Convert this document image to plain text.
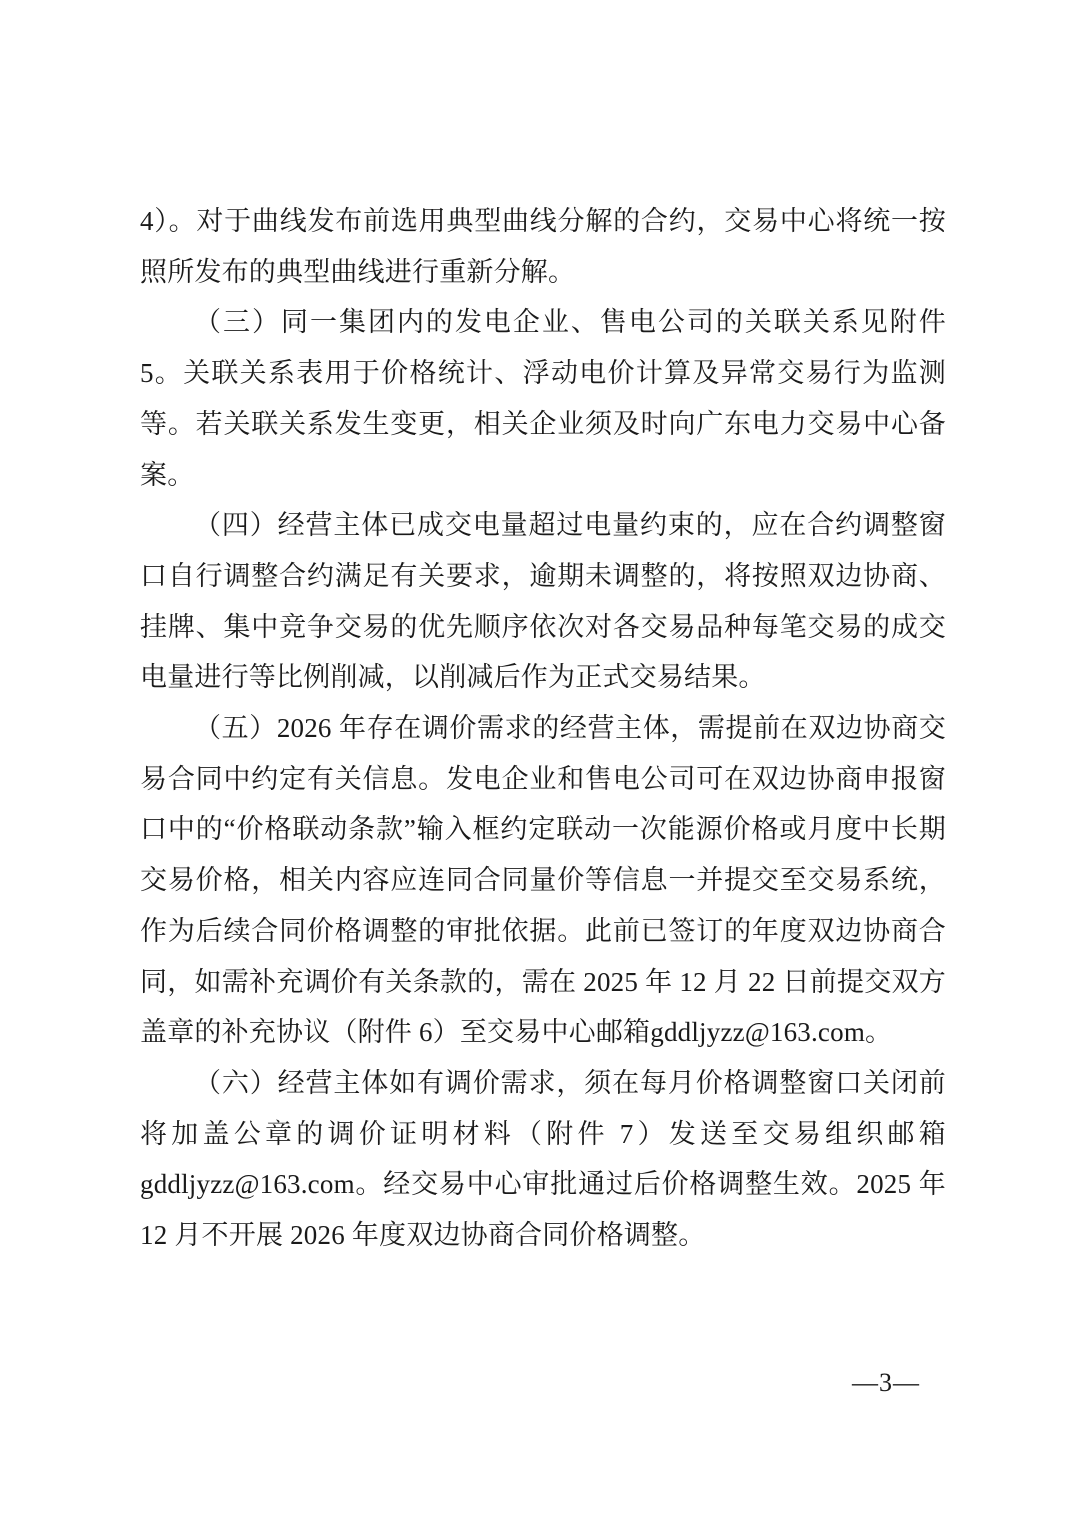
4）。对于曲线发布前选用典型曲线分解的合约，交易中心将统一按照所发布的典型曲线进行重新分解。

（三）同一集团内的发电企业、售电公司的关联关系见附件 5。关联关系表用于价格统计、浮动电价计算及异常交易行为监测等。若关联关系发生变更，相关企业须及时向广东电力交易中心备案。

（四）经营主体已成交电量超过电量约束的，应在合约调整窗口自行调整合约满足有关要求，逾期未调整的，将按照双边协商、挂牌、集中竞争交易的优先顺序依次对各交易品种每笔交易的成交电量进行等比例削减，以削减后作为正式交易结果。

（五）2026 年存在调价需求的经营主体，需提前在双边协商交易合同中约定有关信息。发电企业和售电公司可在双边协商申报窗口中的“价格联动条款”输入框约定联动一次能源价格或月度中长期交易价格，相关内容应连同合同量价等信息一并提交至交易系统，作为后续合同价格调整的审批依据。此前已签订的年度双边协商合同，如需补充调价有关条款的，需在 2025 年 12 月 22 日前提交双方盖章的补充协议（附件 6）至交易中心邮箱gddljyzz@163.com。

（六）经营主体如有调价需求，须在每月价格调整窗口关闭前将加盖公章的调价证明材料（附件 7）发送至交易组织邮箱gddljyzz@163.com。经交易中心审批通过后价格调整生效。2025 年 12 月不开展 2026 年度双边协商合同价格调整。

—3—
